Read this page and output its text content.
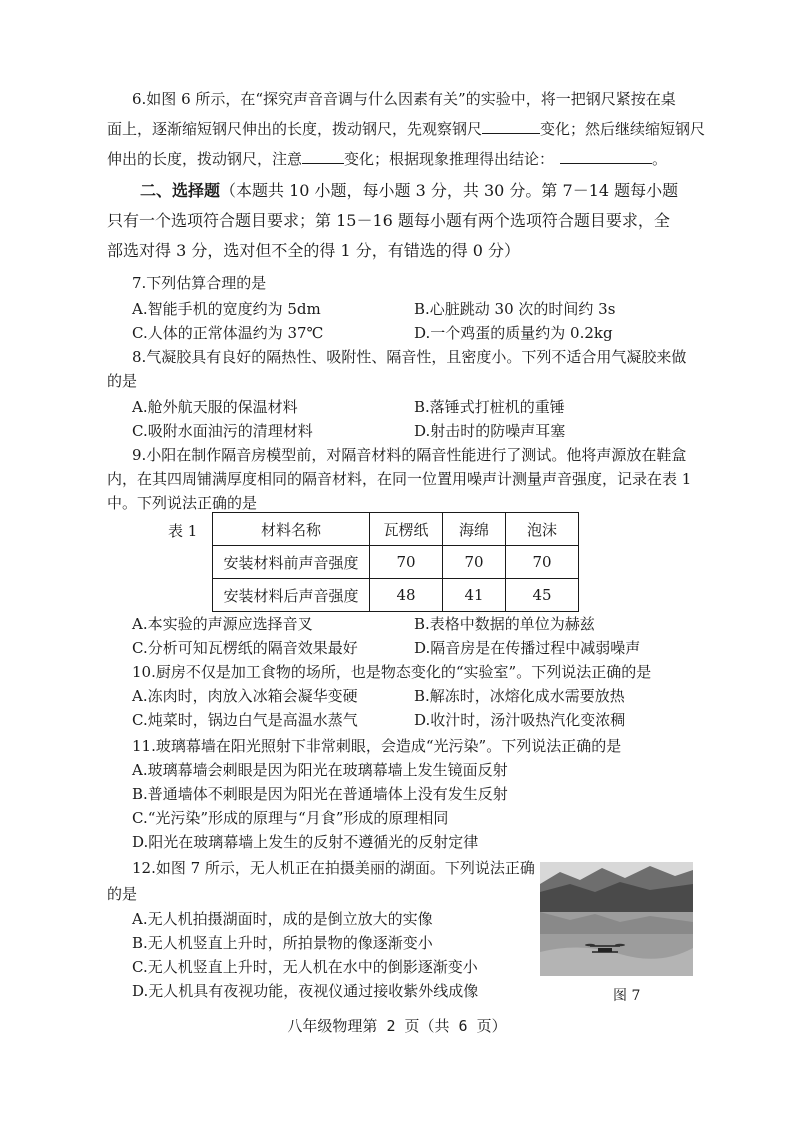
6.如图 6 所示，在“探究声音音调与什么因素有关”的实验中，将一把钢尺紧按在桌
面上，逐渐缩短钢尺伸出的长度，拨动钢尺，先观察钢尺	变化；然后继续缩短钢尺
伸出的长度，拨动钢尺，注意	变化；根据现象推理得出结论：	。
二、选择题（本题共 10 小题，每小题 3 分，共 30 分。第 7－14 题每小题
只有一个选项符合题目要求；第 15－16 题每小题有两个选项符合题目要求，全
部选对得 3 分，选对但不全的得 1 分，有错选的得 0 分）
7.下列估算合理的是
A.智能手机的宽度约为 5dm	B.心脏跳动 30 次的时间约 3s
C.人体的正常体温约为 37℃	D.一个鸡蛋的质量约为 0.2kg
8.气凝胶具有良好的隔热性、吸附性、隔音性，且密度小。下列不适合用气凝胶来做
的是
A.舱外航天服的保温材料	B.落锤式打桩机的重锤
C.吸附水面油污的清理材料	D.射击时的防噪声耳塞
9.小阳在制作隔音房模型前，对隔音材料的隔音性能进行了测试。他将声源放在鞋盒
内，在其四周铺满厚度相同的隔音材料，在同一位置用噪声计测量声音强度，记录在表 1
中。下列说法正确的是
表 1	材料名称	瓦楞纸	海绵	泡沫
安装材料前声音强度	70	70	70
安装材料后声音强度	48	41	45
A.本实验的声源应选择音叉	B.表格中数据的单位为赫兹
C.分析可知瓦楞纸的隔音效果最好	D.隔音房是在传播过程中减弱噪声
10.厨房不仅是加工食物的场所，也是物态变化的“实验室”。下列说法正确的是
A.冻肉时，肉放入冰箱会凝华变硬	B.解冻时，冰熔化成水需要放热
C.炖菜时，锅边白气是高温水蒸气	D.收汁时，汤汁吸热汽化变浓稠
11.玻璃幕墙在阳光照射下非常刺眼，会造成“光污染”。下列说法正确的是
A.玻璃幕墙会刺眼是因为阳光在玻璃幕墙上发生镜面反射
B.普通墙体不刺眼是因为阳光在普通墙体上没有发生反射
C.“光污染”形成的原理与“月食”形成的原理相同
D.阳光在玻璃幕墙上发生的反射不遵循光的反射定律
12.如图 7 所示，无人机正在拍摄美丽的湖面。下列说法正确
的是
A.无人机拍摄湖面时，成的是倒立放大的实像
B.无人机竖直上升时，所拍景物的像逐渐变小
C.无人机竖直上升时，无人机在水中的倒影逐渐变小
D.无人机具有夜视功能，夜视仪通过接收紫外线成像	图 7
八年级物理第 2 页（共 6 页）
